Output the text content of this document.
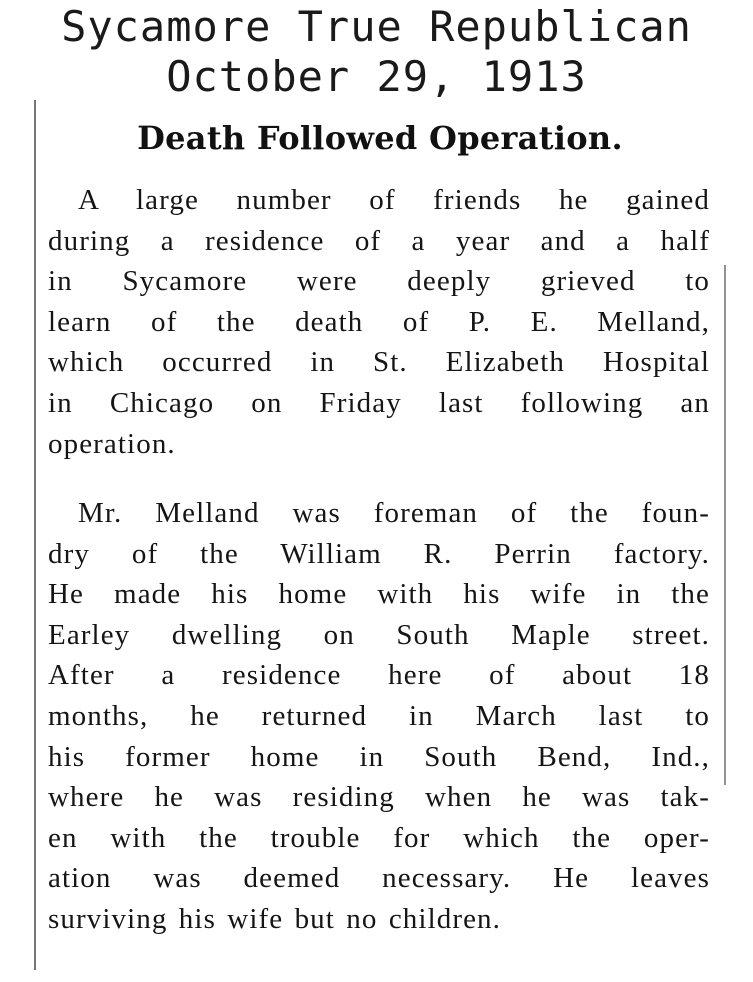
Sycamore True Republican
October 29, 1913
Death Followed Operation.
A large number of friends he gained
during a residence of a year and a half
in Sycamore were deeply grieved to
learn of the death of P. E. Melland,
which occurred in St. Elizabeth Hospital
in Chicago on Friday last following an
operation.
Mr. Melland was foreman of the foun-
dry of the William R. Perrin factory.
He made his home with his wife in the
Earley dwelling on South Maple street.
After a residence here of about 18
months, he returned in March last to
his former home in South Bend, Ind.,
where he was residing when he was tak-
en with the trouble for which the oper-
ation was deemed necessary. He leaves
surviving his wife but no children.
